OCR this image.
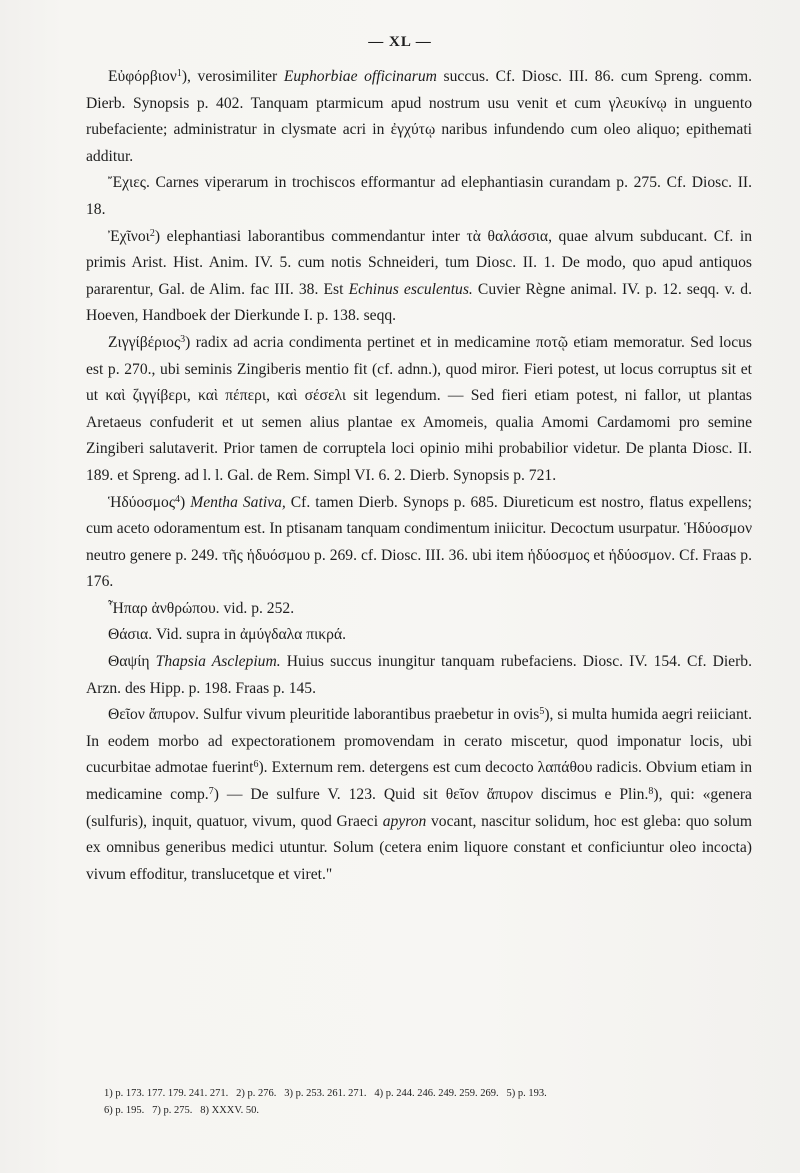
— XL —

Εὐφόρβιον$^1$), verosimiliter Euphorbiae officinarum succus. Cf. Diosc. III. 86. cum Spreng. comm. Dierb. Synopsis p. 402. Tanquam ptarmicum apud nostrum usu venit et cum γλευκίνῳ in unguento rubefaciente; administratur in clysmate acri in ἐγχύτῳ naribus infundendo cum oleo aliquo; epithemati additur.

Ἔχιες. Carnes viperarum in trochiscos efformantur ad elephantiasin curandam p. 275. Cf. Diosc. II. 18.

Ἐχῖνοι$^2$) elephantiasi laborantibus commendantur inter τὰ θαλάσσια, quae alvum subducant. Cf. in primis Arist. Hist. Anim. IV. 5. cum notis Schneideri, tum Diosc. II. 1. De modo, quo apud antiquos pararentur, Gal. de Alim. fac III. 38. Est Echinus esculentus. Cuvier Règne animal. IV. p. 12. seqq. v. d. Hoeven, Handboek der Dierkunde I. p. 138. seqq.

Ζιγγίβέριος$^3$) radix ad acria condimenta pertinet et in medicamine ποτῷ etiam memoratur. Sed locus est p. 270., ubi seminis Zingiberis mentio fit (cf. adnn.), quod miror. Fieri potest, ut locus corruptus sit et ut καὶ ζιγγίβερι, καὶ πέπερι, καὶ σέσελι sit legendum. — Sed fieri etiam potest, ni fallor, ut plantas Aretaeus confuderit et ut semen alius plantae ex Amomeis, qualia Amomi Cardamomi pro semine Zingiberi salutaverit. Prior tamen de corruptela loci opinio mihi probabilior videtur. De planta Diosc. II. 189. et Spreng. ad l. l. Gal. de Rem. Simpl VI. 6. 2. Dierb. Synopsis p. 721.

Ἡδύοσμος$^4$) Mentha Sativa, Cf. tamen Dierb. Synops p. 685. Diureticum est nostro, flatus expellens; cum aceto odoramentum est. In ptisanam tanquam condimentum iniicitur. Decoctum usurpatur. Ἡδύοσμον neutro genere p. 249. τῆς ἡδυόσμου p. 269. cf. Diosc. III. 36. ubi item ἡδύοσμος et ἡδύοσμον. Cf. Fraas p. 176.

Ἧπαρ ἀνθρώπου. vid. p. 252.

Θάσια. Vid. supra in ἀμύγδαλα πικρά.

Θαψίη Thapsia Asclepium. Huius succus inungitur tanquam rubefaciens. Diosc. IV. 154. Cf. Dierb. Arzn. des Hipp. p. 198. Fraas p. 145.

Θεῖον ἄπυρον. Sulfur vivum pleuritide laborantibus praebetur in ovis$^5$), si multa humida aegri reiiciant. In eodem morbo ad expectorationem promovendam in cerato miscetur, quod imponatur locis, ubi cucurbitae admotae fuerint$^6$). Externum rem. detergens est cum decocto λαπάθου radicis. Obvium etiam in medicamine comp.$^7$) — De sulfure V. 123. Quid sit θεῖον ἄπυρον discimus e Plin.$^8$), qui: «genera (sulfuris), inquit, quatuor, vivum, quod Graeci apyron vocant, nascitur solidum, hoc est gleba: quo solum ex omnibus generibus medici utuntur. Solum (cetera enim liquore constant et conficiuntur oleo incocta) vivum effoditur, translucetque et viret."

1) p. 173. 177. 179. 241. 271.   2) p. 276.   3) p. 253. 261. 271.   4) p. 244. 246. 249. 259. 269.   5) p. 193.
6) p. 195.   7) p. 275.   8) XXXV. 50.
